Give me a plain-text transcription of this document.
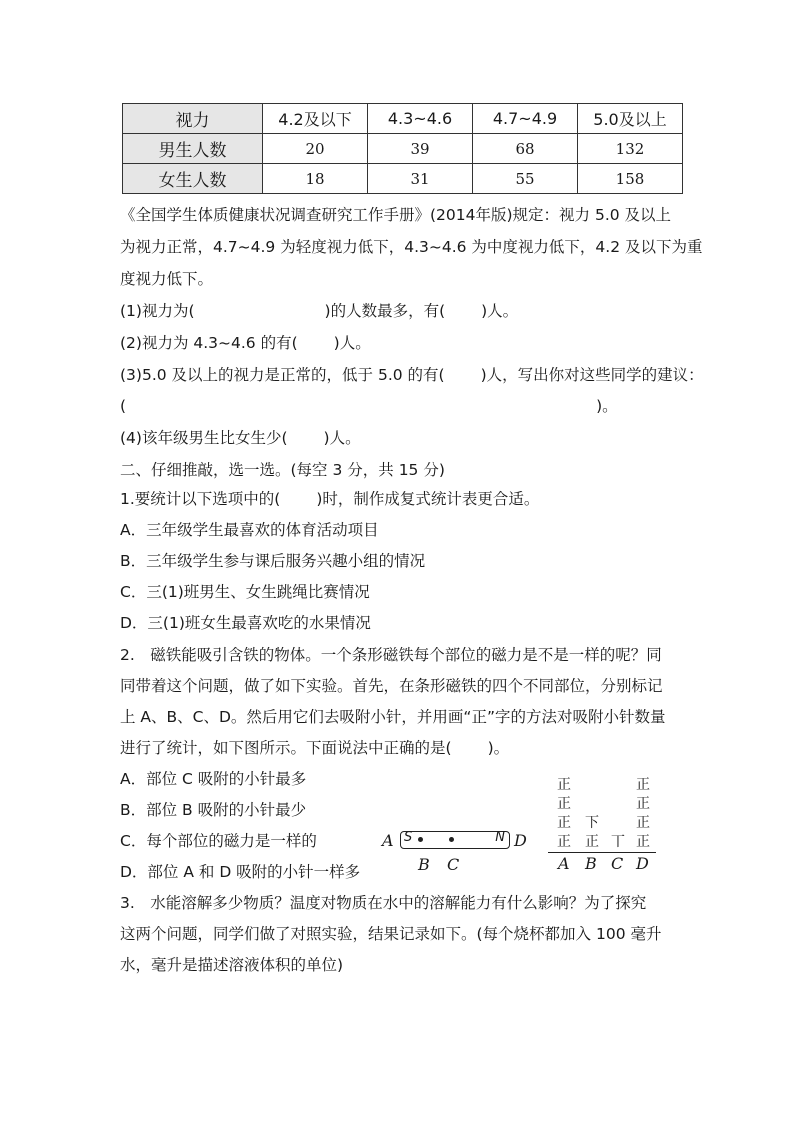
视力	4.2及以下	4.3~4.6	4.7~4.9	5.0及以上
男生人数	20	39	68	132
女生人数	18	31	55	158
《全国学生体质健康状况调查研究工作手册》(2014年版)规定：视力 5.0 及以上
为视力正常，4.7~4.9 为轻度视力低下，4.3~4.6 为中度视力低下，4.2 及以下为重
度视力低下。
(1)视力为(	)的人数最多，有( )人。
(2)视力为 4.3~4.6 的有( )人。
(3)5.0 及以上的视力是正常的，低于 5.0 的有( )人，写出你对这些同学的建议：
(	)。
(4)该年级男生比女生少( )人。
二、仔细推敲，选一选。(每空 3 分，共 15 分)
1.要统计以下选项中的( )时，制作成复式统计表更合适。
A．三年级学生最喜欢的体育活动项目
B．三年级学生参与课后服务兴趣小组的情况
C．三(1)班男生、女生跳绳比赛情况
D．三(1)班女生最喜欢吃的水果情况
2.　磁铁能吸引含铁的物体。一个条形磁铁每个部位的磁力是不是一样的呢？同
同带着这个问题，做了如下实验。首先，在条形磁铁的四个不同部位，分别标记
上 A、B、C、D。然后用它们去吸附小针，并用画“正”字的方法对吸附小针数量
进行了统计，如下图所示。下面说法中正确的是( )。
A．部位 C 吸附的小针最多
B．部位 B 吸附的小针最少
C．每个部位的磁力是一样的
D．部位 A 和 D 吸附的小针一样多
A S	N D
B C
正
正
正
正
下
正 丅
正
正
正
正
A B C D
3.　水能溶解多少物质？温度对物质在水中的溶解能力有什么影响？为了探究
这两个问题，同学们做了对照实验，结果记录如下。(每个烧杯都加入 100 毫升
水，毫升是描述溶液体积的单位)
